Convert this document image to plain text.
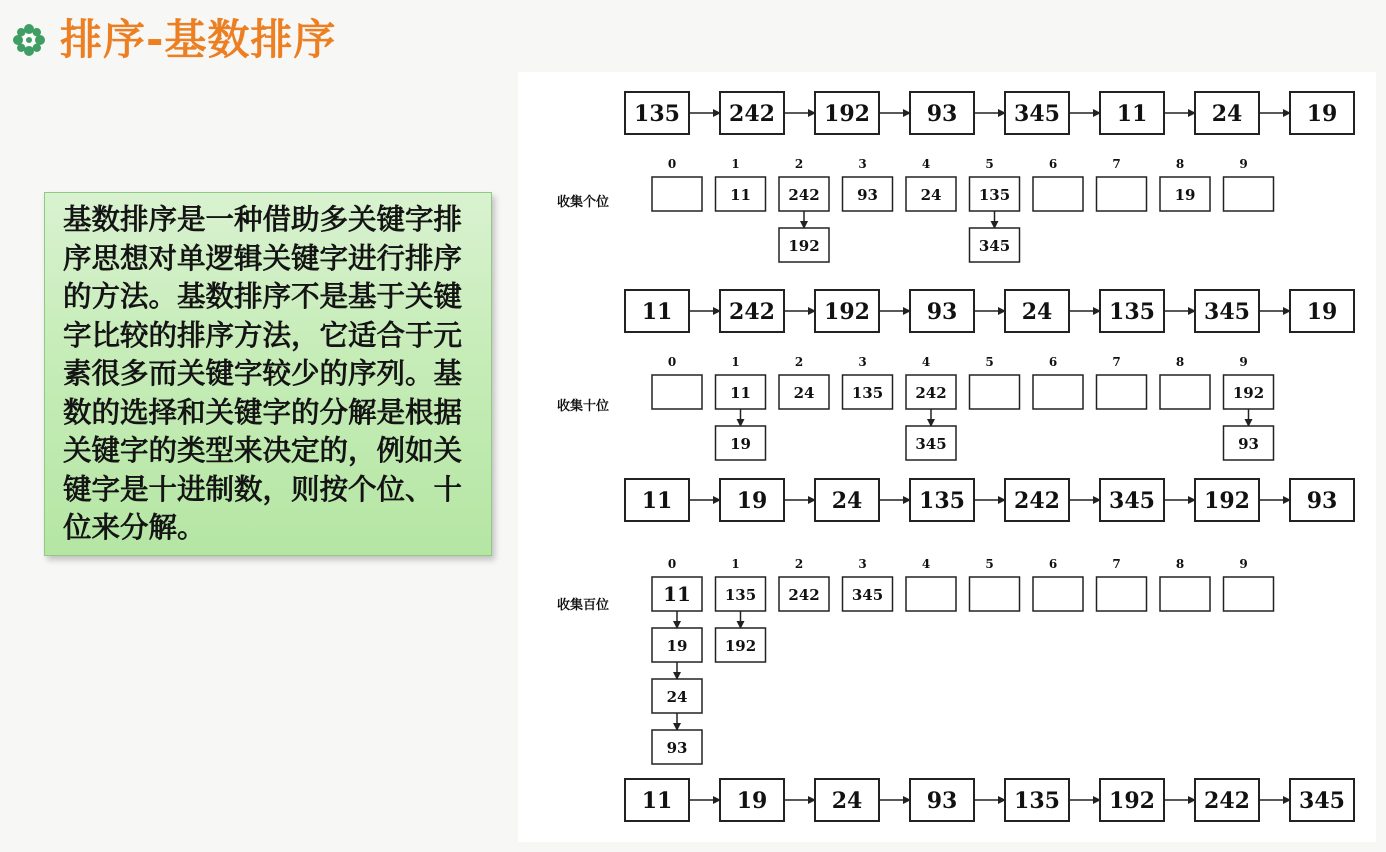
排序-基数排序

基数排序是一种借助多关键字排序思想对单逻辑关键字进行排序的方法。基数排序不是基于关键字比较的排序方法，它适合于元素很多而关键字较少的序列。基数的选择和关键字的分解是根据关键字的类型来决定的，例如关键字是十进制数，则按个位、十位来分解。

135 242 192	93	345	11	24	19
11	242 192	93	24	135 345	19
11	19	24	135 242 345 192	93
11	19	24	93	135 192 242 345
收集个位
0	1
11
2
242
192
3
93
4
24
5
135
345
6	7	8
19
9
收集十位
0	1
11
19
2
24
3
135
4
242
345
5	6	7	8	9
192
93
收集百位
0
11
19
24
93
1
135
192
2
242
3
345
4	5	6	7	8	9
